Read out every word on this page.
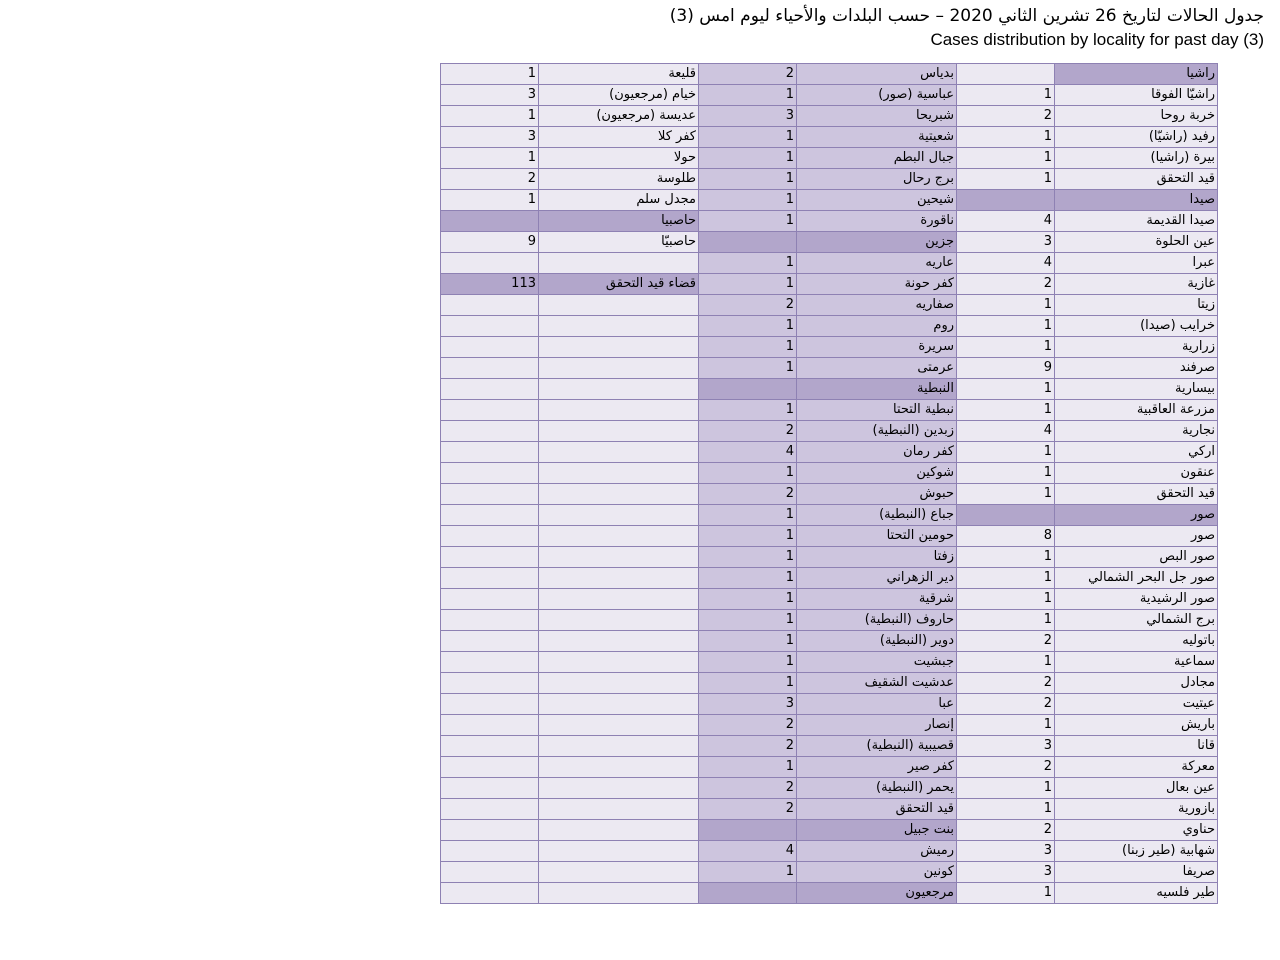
جدول الحالات لتاريخ 26 تشرين الثاني 2020 – حسب البلدات والأحياء ليوم امس (3)
Cases distribution by locality for past day (3)
1	قليعة	2	بدياس		راشيا
3	خيام (مرجعيون)	1	عباسية (صور)	1	راشيّا الفوقا
1	عديسة (مرجعيون)	3	شبريحا	2	خربة روحا
3	كفر كلا	1	شعيتية	1	رفيد (راشيّا)
1	حولا	1	جبال البطم	1	بيرة (راشيا)
2	طلوسة	1	برج رحال	1	قيد التحقق
1	مجدل سلم	1	شيحين		صيدا
	حاصبيا	1	ناقورة	4	صيدا القديمة
9	حاصبيّا		جزين	3	عين الحلوة
		1	عاريه	4	عبرا
113	قضاء قيد التحقق	1	كفر حونة	2	غازية
		2	صفاريه	1	زيتا
		1	روم	1	خرايب (صيدا)
		1	سريرة	1	زرارية
		1	عرمتى	9	صرفند
			النبطية	1	بيسارية
		1	نبطية التحتا	1	مزرعة العاقبية
		2	زبدين (النبطية)	4	نجارية
		4	كفر رمان	1	اركي
		1	شوكين	1	عنقون
		2	حبوش	1	قيد التحقق
		1	جباع (النبطية)		صور
		1	حومين التحتا	8	صور
		1	زفتا	1	صور البص
		1	دير الزهراني	1	صور جل البحر الشمالي
		1	شرقية	1	صور الرشيدية
		1	حاروف (النبطية)	1	برج الشمالي
		1	دوير (النبطية)	2	باتوليه
		1	جبشيت	1	سماعية
		1	عدشيت الشقيف	2	مجادل
		3	عبا	2	عيتيت
		2	إنصار	1	باريش
		2	قصيبية (النبطية)	3	قانا
		1	كفر صير	2	معركة
		2	يحمر (النبطية)	1	عين بعال
		2	قيد التحقق	1	بازورية
			بنت جبيل	2	حناوي
		4	رميش	3	شهابية (طير زبنا)
		1	كونين	3	صريفا
			مرجعيون	1	طير فلسيه
